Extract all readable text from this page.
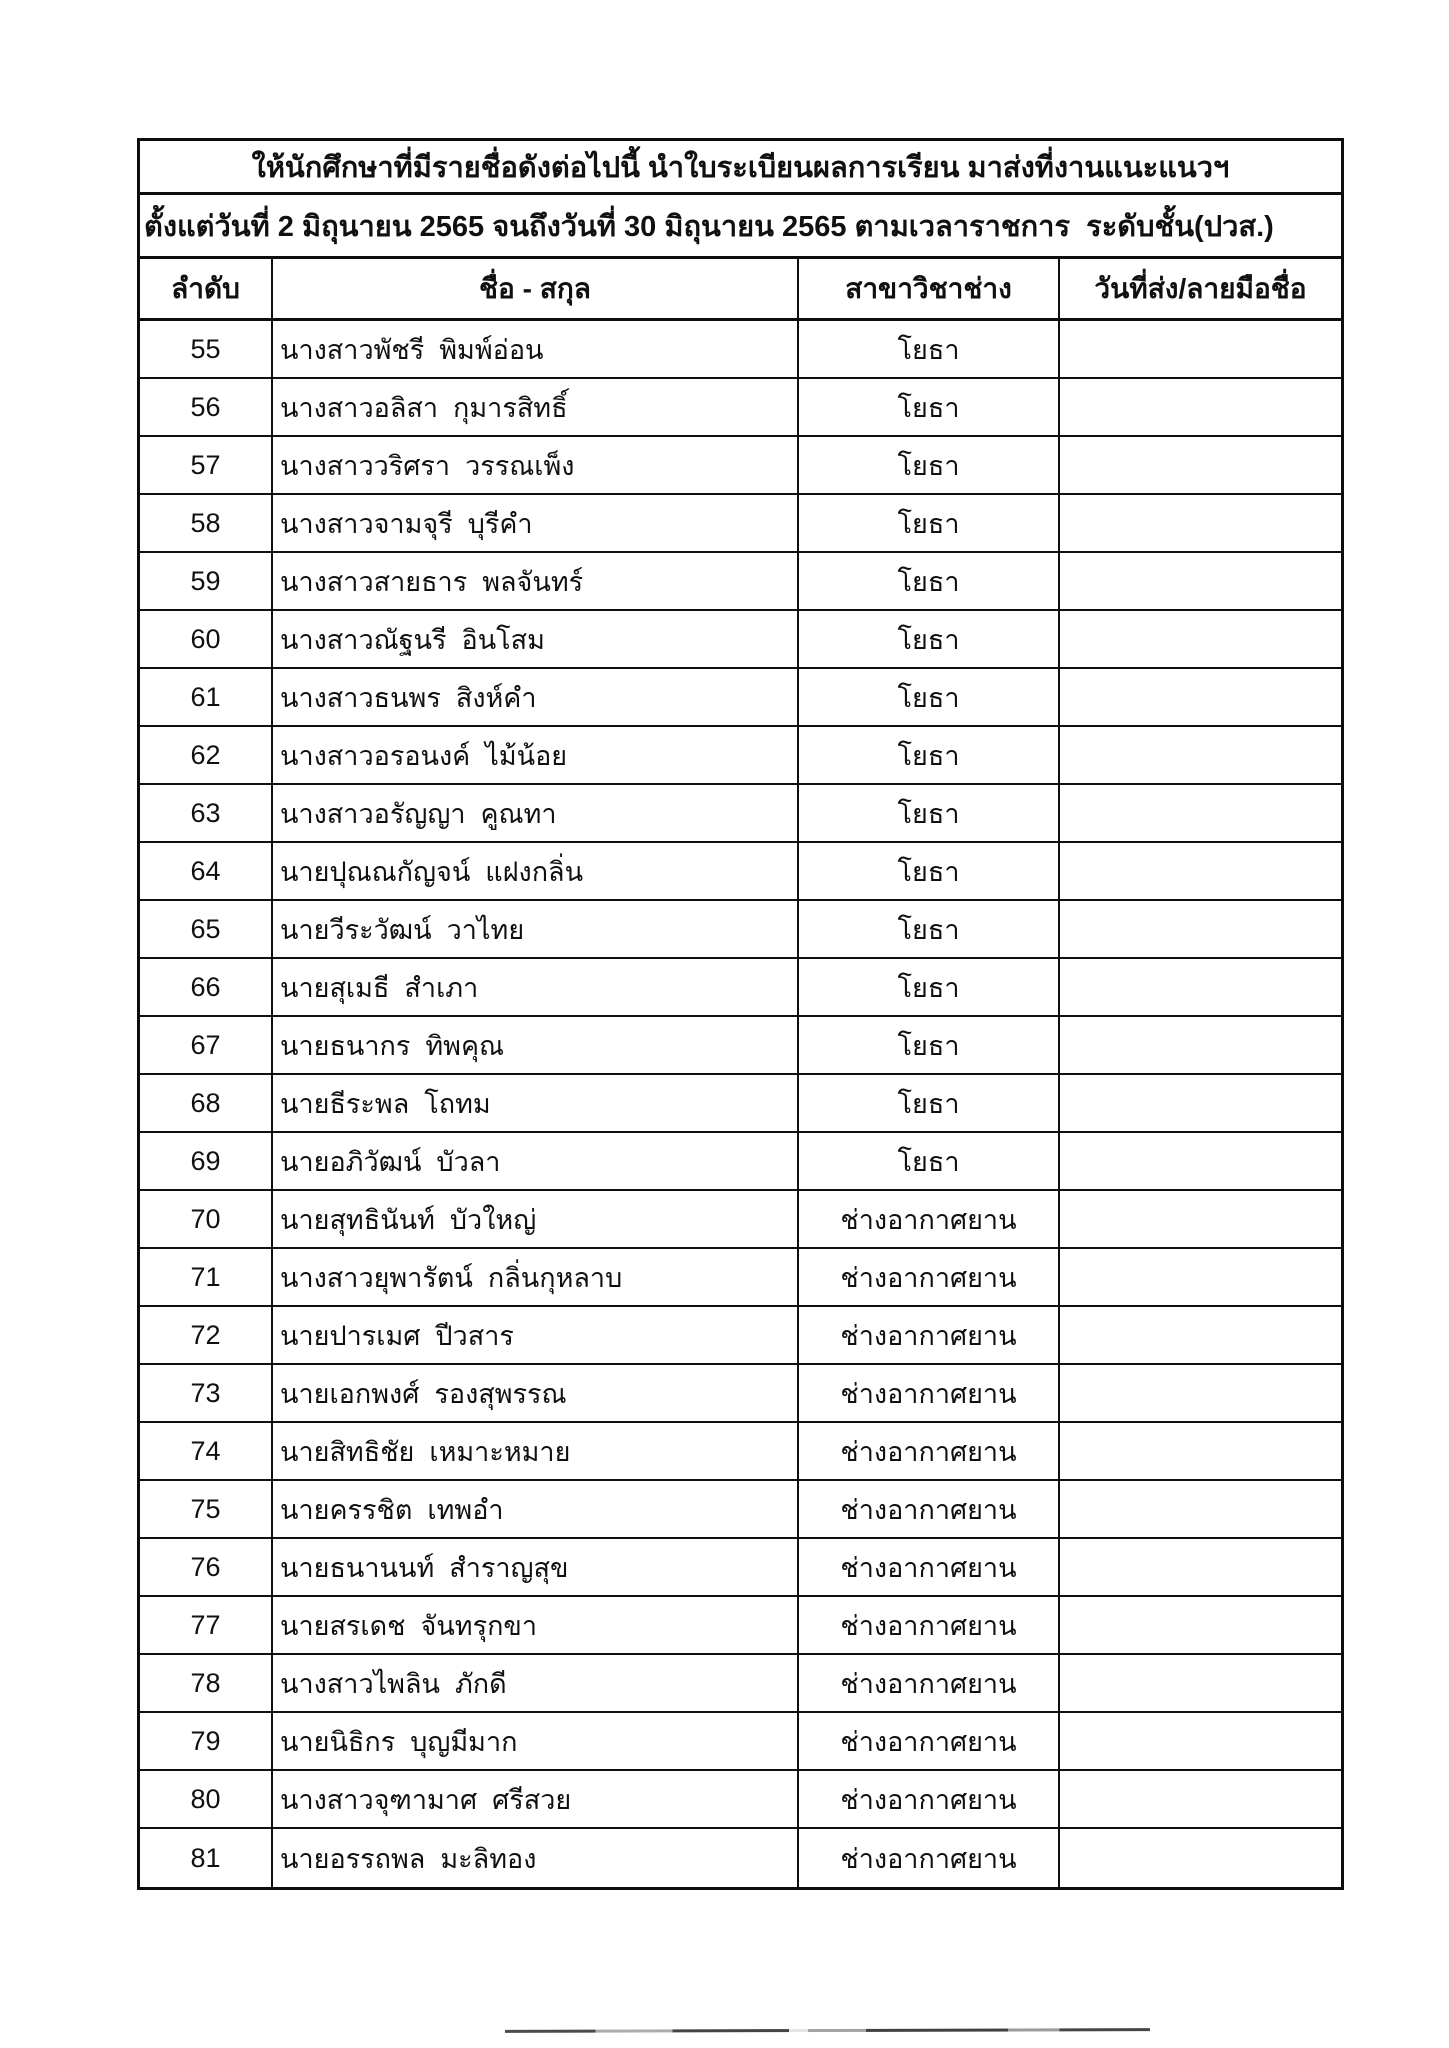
ให้นักศึกษาที่มีรายชื่อดังต่อไปนี้ นำใบระเบียนผลการเรียน มาส่งที่งานแนะแนวฯ
ตั้งแต่วันที่ 2 มิถุนายน 2565 จนถึงวันที่ 30 มิถุนายน 2565 ตามเวลาราชการ  ระดับชั้น(ปวส.)
ลำดับ	ชื่อ - สกุล	สาขาวิชาช่าง	วันที่ส่ง/ลายมือชื่อ
55	นางสาวพัชรี  พิมพ์อ่อน	โยธา
56	นางสาวอลิสา  กุมารสิทธิ์	โยธา
57	นางสาววริศรา  วรรณเพ็ง	โยธา
58	นางสาวจามจุรี  บุรีคำ	โยธา
59	นางสาวสายธาร  พลจันทร์	โยธา
60	นางสาวณัฐนรี  อินโสม	โยธา
61	นางสาวธนพร  สิงห์คำ	โยธา
62	นางสาวอรอนงค์  ไม้น้อย	โยธา
63	นางสาวอรัญญา  คูณทา	โยธา
64	นายปุณณกัญจน์  แฝงกลิ่น	โยธา
65	นายวีระวัฒน์  วาไทย	โยธา
66	นายสุเมธี  สำเภา	โยธา
67	นายธนากร  ทิพคุณ	โยธา
68	นายธีระพล  โถทม	โยธา
69	นายอภิวัฒน์  บัวลา	โยธา
70	นายสุทธินันท์  บัวใหญ่	ช่างอากาศยาน
71	นางสาวยุพารัตน์  กลิ่นกุหลาบ	ช่างอากาศยาน
72	นายปารเมศ  ปีวสาร	ช่างอากาศยาน
73	นายเอกพงศ์  รองสุพรรณ	ช่างอากาศยาน
74	นายสิทธิชัย  เหมาะหมาย	ช่างอากาศยาน
75	นายครรชิต  เทพอำ	ช่างอากาศยาน
76	นายธนานนท์  สำราญสุข	ช่างอากาศยาน
77	นายสรเดช  จันทรุกขา	ช่างอากาศยาน
78	นางสาวไพลิน  ภักดี	ช่างอากาศยาน
79	นายนิธิกร  บุญมีมาก	ช่างอากาศยาน
80	นางสาวจุฑามาศ  ศรีสวย	ช่างอากาศยาน
81	นายอรรถพล  มะลิทอง	ช่างอากาศยาน
